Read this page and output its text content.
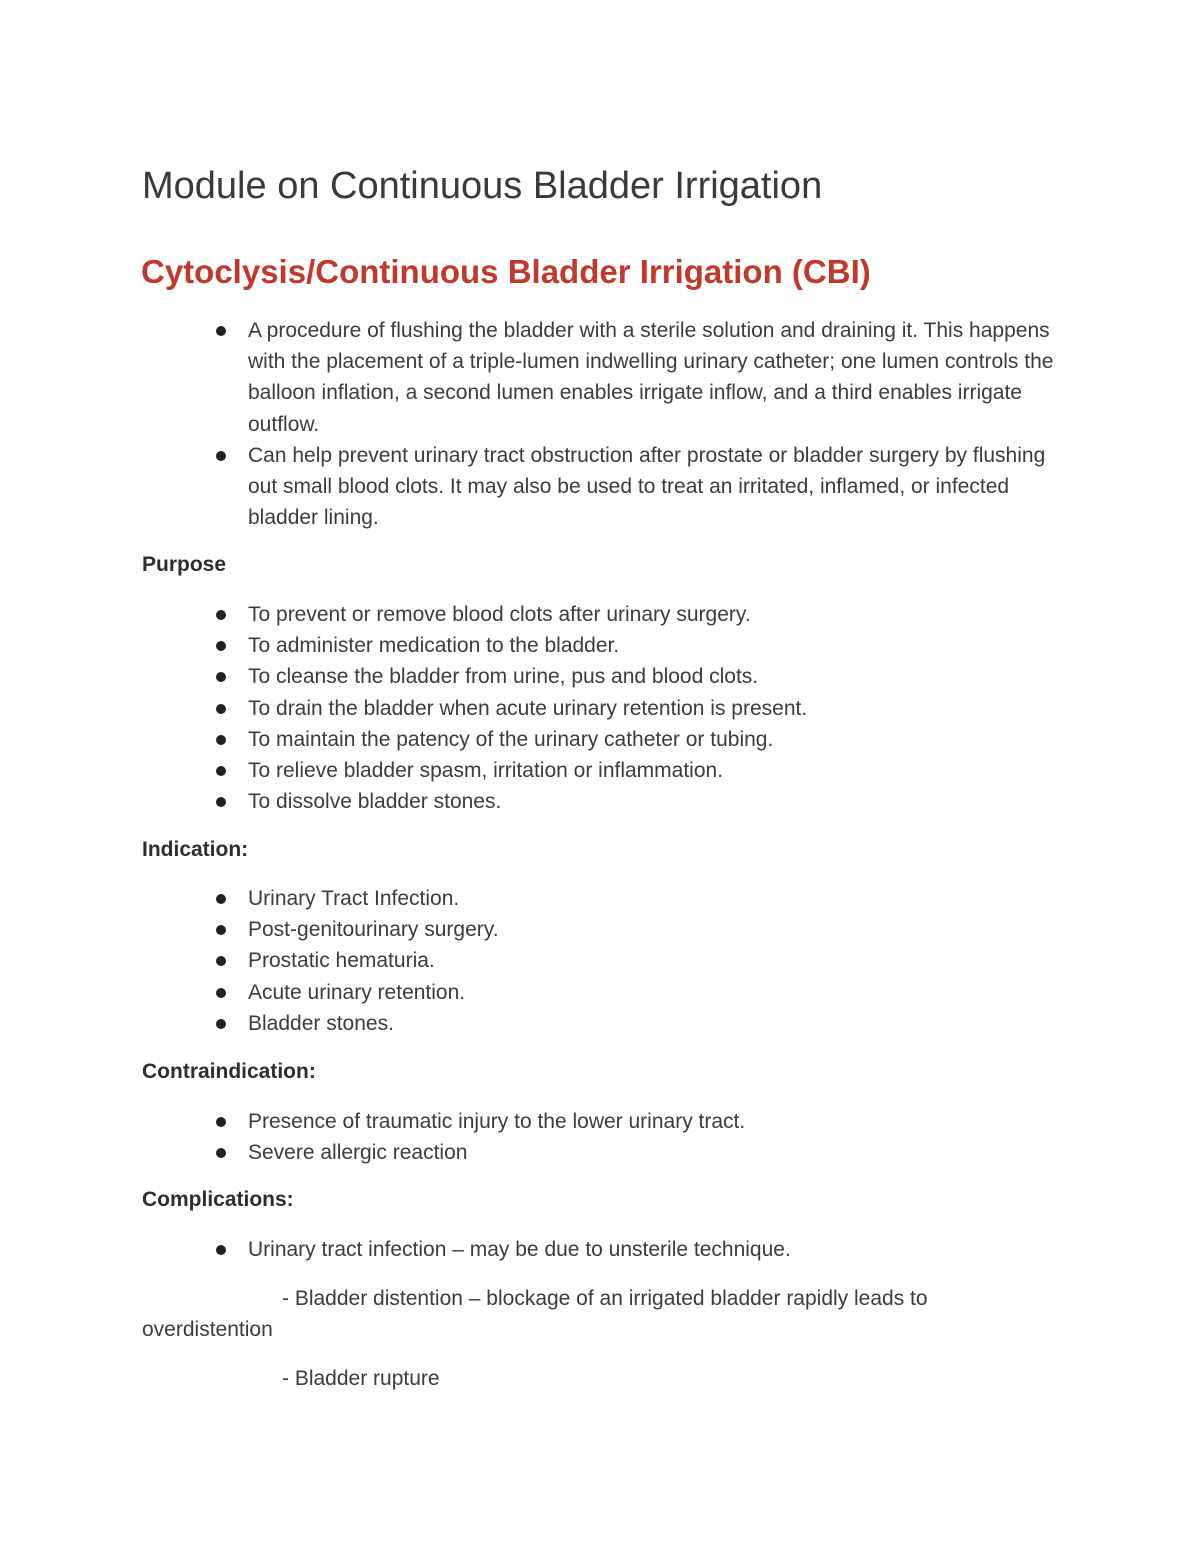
Module on Continuous Bladder Irrigation
Cytoclysis/Continuous Bladder Irrigation (CBI)
A procedure of flushing the bladder with a sterile solution and draining it. This happens with the placement of a triple-lumen indwelling urinary catheter; one lumen controls the balloon inflation, a second lumen enables irrigate inflow, and a third enables irrigate outflow.
Can help prevent urinary tract obstruction after prostate or bladder surgery by flushing out small blood clots. It may also be used to treat an irritated, inflamed, or infected bladder lining.
Purpose
To prevent or remove blood clots after urinary surgery.
To administer medication to the bladder.
To cleanse the bladder from urine, pus and blood clots.
To drain the bladder when acute urinary retention is present.
To maintain the patency of the urinary catheter or tubing.
To relieve bladder spasm, irritation or inflammation.
To dissolve bladder stones.
Indication:
Urinary Tract Infection.
Post-genitourinary surgery.
Prostatic hematuria.
Acute urinary retention.
Bladder stones.
Contraindication:
Presence of traumatic injury to the lower urinary tract.
Severe allergic reaction
Complications:
Urinary tract infection – may be due to unsterile technique.

- Bladder distention – blockage of an irrigated bladder rapidly leads to overdistention

- Bladder rupture
